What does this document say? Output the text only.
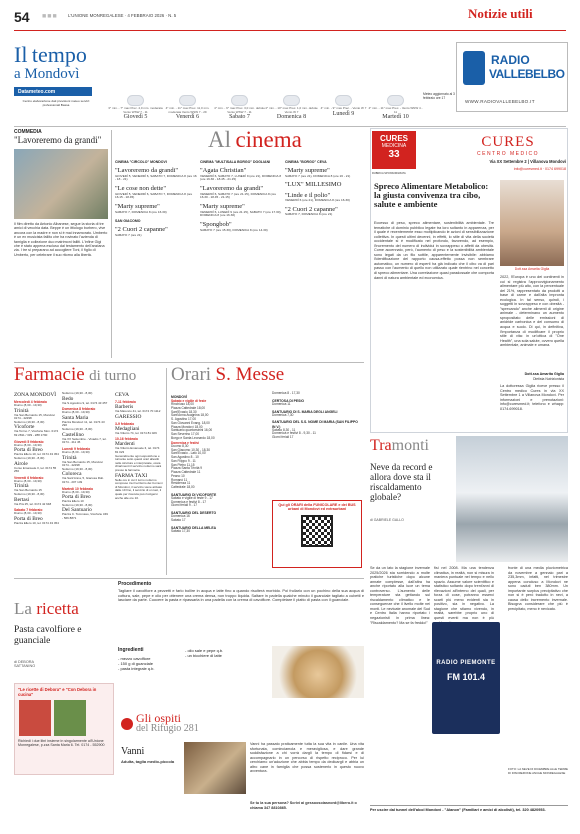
54 ■■■ L'UNIONE MONREGALESE · 4 FEBBRAIO 2026 · N. 5	Notizie utili
Il tempo
a Mondovì
Datameteo.com
Centro elaborazione dati previsioni meteo servizi professionali Bassa
3° min. - 7° max Prec. 4,0 mm. moderata Vento WSW 7 - 11
Giovedì 5
4° min. - 11° max Prec. 11,0 mm. moderata Vento WSW 7 - 29
Venerdì 6
4° min. - 9° max Prec. 3,0 mm. debole Vento WSW 7 - 11
Sabato 7
4° min. - 10° max Prec. 1,0 mm. debole Vento W 7
Domenica 8
4° min. - 9° max Prec. - Vento W 7
Lunedì 9
4° min. - 11° max Prec. - Vento WNW 4 - 11
Martedì 10
Meteo aggiornato al 3 febbraio ore 17
RADIO
VALLEBELBO
WWW.RADIOVALLEBELBO.IT
COMMEDIA
"Lavoreremo da grandi"
Il film diretto da Antonio Albanese, segue la storia di tre amici di vecchia data. Beppe è un ittiologo burbero, vive ancora con la madre e non si è mai innamorato. Umberto è un ex musicista fallito che ha rovinato l'azienda di famiglia e collezione duo matrimoni falliti. L'infine Gigi che è stato appena escluso dal testamento dell'anziana zia. I tre si preparano ad accogliere Toni, il figlio di Umberto, per celebrare il suo ritorno alla libertà.
Al cinema
CINEMA "CIRCOLO" MONDOVI
"Lavoreremo da grandi"
GIOVEDÌ 5, VENERDÌ 6, SABATO 7, DOMENICA 8 (ore 16 - 18 - 21)
"Le cose non dette"
GIOVEDÌ 5, VENERDÌ 6, SABATO 7, DOMENICA 8 (ore 16.15 - 18.45)
"Marty supreme"
SABATO 7, DOMENICA 8 (ore 16.30)
SAN GIACOMO
"2 Cuori 2 capanne"
SABATO 7 (ore 21)
CINEMA "MULTISALA BORGO" DOGLIANI
"Agata Christian"
VENERDÌ 6, SABATO 7, LUNEDÌ 9 (ore 21), DOMENICA 8 (ore 16.30 - 18.45 - 21.15)
"Lavoreremo da grandi"
VENERDÌ 6, SABATO 7 (ore 21.15), DOMENICA 8 (ore 16.30 - 18.45 - 21.15)
"Marty supreme"
VENERDÌ 6, LUNEDÌ 9 (ore 21.15), SABATO 7 (ore 17.30), DOMENICA 8 (ore 16.30)
"Spongbob"
SABATO 7 (ore 15.30), DOMENICA 8 (ore 14.30)
CINEMA "BORGO" CEVA
"Marty supreme"
SABATO 7 (ore 21), DOMENICA 8 (ore 16 - 21)
"LUX" MILLESIMO
"Linde e il polio"
VENERDÌ 6 (ore 21), DOMENICA 8 (ore 16.30)
"2 Cuori 2 capanne"
SABATO 7, DOMENICA 8 (ore 21)
CURES
MEDICINA
33
RUBRICA SPONSORIZZATA
CURES
CENTRO MEDICO
Via XX Settembre 2 | Villanova Mondovì
info@curesmed.it · 0174 699018
Spreco Alimentare Metabolico: la giusta convivenza tra cibo, salute e ambiente
Dott.ssa Amarita Giglia
Eccesso di peso, spreco alimentare, sostenibilità ambientale. Tre tematiche di dominio pubblico legate tra loro soltanto in apparenza, per il quale è recentemente esso moltiplicando le azioni di sensibilizzazione collettiva. In questi ultimi decenni, in effetti, lo stile di vita della società occidentale si è modificato nel profondo, favorendo, ad esempio, l'incremento del numero di individui in sovrappeso o affetti da obesità. Come accennato, però, l'aumento di peso e la sostenibilità ambientale sono legati da un filo sottile, apparentemente invisibile: abbiamo l'identificazione del rapporto causa-effetto possa non sembrare automatico, un numero di esperti ha già indicato che il cibo va di pari passo con l'aumento di quello non utilizzato quale rientrino nel concetto di spreco alimentare. Una correlazione quasi paradossale che comporta danni di natura ambientale ed economica.	2022, l'Europa è uno dei continenti in cui si registra l'approvvigionamento alimentare più alto, con la percentuale del 21%, rappresentato da prodotti a base di carne e dall'alta impronta ecologica. In tal senso, quindi, i soggetti in sovrappeso e con obesità - "sprecando" anche alimenti di origine animale - determinano un aumento spropositato delle emissioni di anidride carbonica e del consumo di acqua e suolo. Di qui, in definitiva, l'importanza di modificare il proprio stile di vita: in un'ottica di "One Health", una sola salute, ovvero quella ambientale, animale e umana.
Dott.ssa Amarita Giglia
Dietista Nutrizionista
La dottoressa Giglia riceve presso il Centro medico Cures in via XX Settembre 1 a Villanova Mondovì. Per informazioni e prenotazioni: info@curesmed.it; telefono e whapp: 0174.699018.
Farmacie di turno
ZONA MONDOVÌ
Mercoledì 4 febbraio
Diurno (8,30 - 19,30)
Trinità
Via San Bernardo 15, Mondovì 0174 - 42298
Notturno (19,30 - 8,30)
Vicoforte
Via Torino 7, Vicoforte Mon. 0174 69 2811 / 339 - 288 1790
Giovedì 5 febbraio
Diurno (8,30 - 19,30)
Porta di Breo
Piazza Ellero 10, tel. 0174 43 454
Notturno (19,30 - 8,30)
Airole
Corso Emanuele II, tel. 0174 55 256
Venerdì 6 febbraio
Diurno (8,30 - 19,30)
Trinità
Via San Bernardo 15
Notturno (19,30 - 8,30)
Bertasi
Via Prà 25, tel. 0174 42 648
Sabato 7 febbraio
Diurno (8,30 - 19,30)
Porta di Breo
Piazza Ellero 10, tel. 0174 43 454
Notturno (19,30 - 8,30)
Bedo
Via S.Agostino 9, tel. 0174 43 457
Domenica 8 febbraio
Diurno (8,30 - 19,30)
Santa Maria
Piazza Mondovì 11, tel. 0174 43 290
Notturno (19,30 - 8,30)
Castellino
Via XX Settembre - Vinadio 7, tel. 0174 - 411 45
Lunedì 9 febbraio
Diurno (8,30 - 19,30)
Trinità
Via San Bernardo 15, Mondovì 0174 - 42298
Notturno (19,30 - 8,30)
Coloreca
Via Sant'Anna, 5, Giacosa Rob. 0174 - 207 149
Martedì 10 febbraio
Diurno (8,30 - 19,30)
Porta di Breo
Piazza Ellero 10
Notturno (19,30 - 8,30)
Del Santuario
Piazza C. Tommaso, Vicoforte 349 - 566 8871
CEVA
7-11 febbraio
Barberis
Via Marenco 41, tel. 0174 70 1112
GARESSIO
3-9 febbraio
Medagliani
Via Vittorio 74, tel. 0174 81 029
10-16 febbraio
Mardenti
Via Vittorio Emanuele II, tel. 0174 81 023
Generalmente ogni esposizione e turnante sotto questi orari allestiti nelle strutture e interpretate, ossia chiarimenti il servizio notturno sarà presso la farmacia.
FARMA TAXI
Nelle ore in cui il turno notturno compreso tra il territorio dei Comuni di Mondovì, il servizio viene attivato dalle 19 fino, il servizio di un taxi, il quale per ricevuta può rivolgersi anche alle ore 10.
Orari S. Messe
MONDOVÌ
Sabato e vigilie di feste
Rinchiuso 18,00
Piazza Cattedrale 18,00
Sant'Evasio 18,30
Sant'Anna Avagnina 18,00
S. Agostino 17,00
San Giovanni Evang. 18,00
Piazza Mondovì 18,00
Santuario quartomarini 16,00
San Severino 17,00
Borgo e Santa Leonardo 18,00
Domenica e festivi
Duomo 8,30
San Giacomo 10,30 - 18,30
Sant'Evasio - Lato 10,00
San Agostino 8 - 10
San Filippo 9 - 11
San Pietro 11,15
Piazza Santa Trinità 9
Piazza Cattedrale 11
Peano 10
Romanò 11
Residenza 11
Cattedrale 18,00
SANTUARIO DI VICOFORTE
Sabato e vigilie di feste 9 - 17
Domenica e festivi 8 - 17
Giorni feriali 9 - 17
SANTUARIO DEL DESERTO
Domenica 16
Sabato 17
SANTUARIO DELLA MELEA
Sabato 17,30
Domenica 8 - 17,30
CERTOSA DI PESIO
Domenica 11
SANTUARIO DI S. MARIA DEGLI ANGELI
Domenica 7,30
SANTUARIO DEL S.S. NOME DI MARIA (SAN FILIPPO IN V.)
Sabato 8,30 - 11
Domenica e festivi 8 - 9,30 - 11
Giorni feriali 17
Qui gli ORARI della FUNICOLARE e dei BUS urbani di Mondovì ed extraurbani
Tramonti
Neve da record e allora dove sta il riscaldamento globale?
di GABRIELE GALLO
La ricetta
Pasta cavolfiore e guanciale
di DEBORA SATTANINO
Procedimento
Tagliare il cavolfiore a pezzetti e farlo bollire in acqua e latte fino a quando risulterà morbido. Poi frullarlo con un pochino della sua acqua di cottura, sale, pepe e olio per ottenere una crema densa, non troppo liquida. Saltare in padella qualche minuto il guanciale tagliato a cubetti e lasciare da parte. Cuocere la pasta e ripassarla in una padella con la crema di cavolfiore. Completare il piatto di pasta con il guanciale.
Ingredienti
- mezzo cavolfiore
- 150 g di guanciale
- pasta integrale q.b.
- olio sale e pepe q.b.
- un bicchiere di latte
"Le ricette di Debora" e "Con Debora in cucina"
Richiedi i due libri insieme in singolarmente all'Unione Monregalese, p.zza Santa Maria 6. Tel. 0174 - 552900
Gli ospiti
del Rifugio 281
Vanni
Adulta, taglia medio-piccola
Vanni ha passato praticamente tutta la sua vita in canile. Una vita sfortunata, cominciamola e meravigliosa, e dare grande soddisfazione a chi vorrà dargli la tempo di fidarsi e di accompagnarlo in un percorso di rispetto reciproco. Per lui cerchiamo un'adozione che abbia tempo da dedicargli e abbia un altro cane in famiglia che possa sostenerlo in questo nuovo avventura.
Se tu la sua persona? Scrivi ai gessoosoiasnord@libero.it o chiama 347 8810865.
Se da un lato la stagione invernale 2025/2026 sta sorridendo a molte pratiche turistiche dopo alcune annate complesse, dall'altra ha anche riportato alla luce un tema controverso. L'aumento delle temperature sta gettando sul riscaldamento climatico e le conseguenze che il livello molte nei monti. Le nevicate anomale del Sud e Centro Italia hanno riportato i negazionisti in prima linea: "Riscaldamento? Ma se fa freddo!"
fisi nel 2008. Ma una tendenza climatica, in realtà, non si misura in maniera puntuale nel tempo e nello spazio. Assume valore scientifico e statistico soltanto dopo trent'anni di rilevazioni all'interno dei quali, per forza di cose, potranno esserci scarti più meno evidenti sia in positivo, sia in negativo. La stagione che stiamo vivendo, in realtà, sarebbe proprio uno di questi eventi ma non è più
RADIO PIEMONTE
FM 101.4
fronte di una media pluviometrica da novembre a gennaio pari a 235,3mm, infatti, nel trimestre appena concluso a Mondovì ne sono caduti ben 380mm. Un importante surplus precipitativo che non si è però tradotto in nevi, a causa dello incremento invernale. Bisogna considerare che più è precipitato, meno è nevicato.
FOTO: LA NEVE DI DICEMBRE ALLE TERME DI DISCREZIONE ANCHE MONREGALESE
Per uscire dal tunnel dell'alcol Mondovì - "Alanon" (Familiari e amici di alcolisti), tel. 320 4820953.
